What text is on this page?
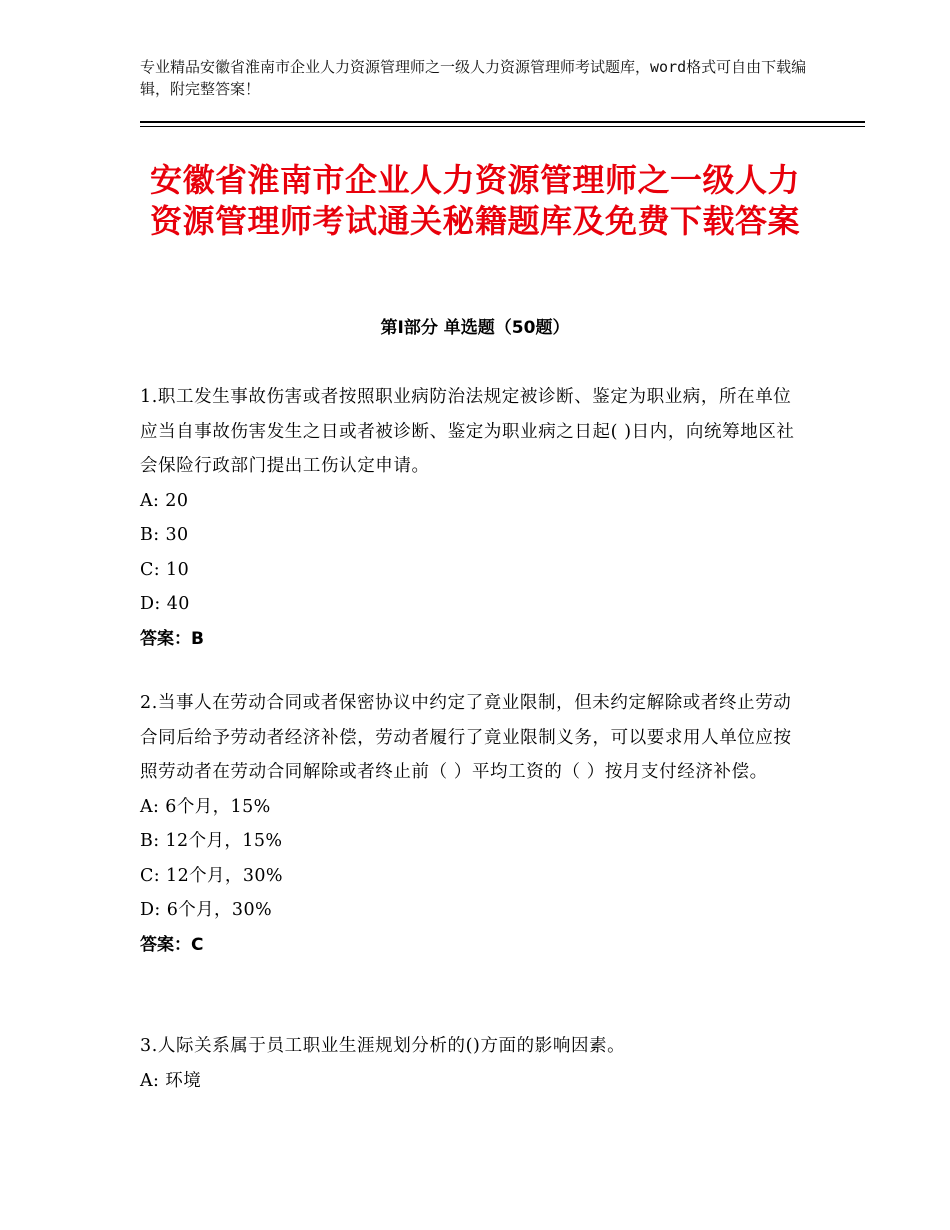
专业精品安徽省淮南市企业人力资源管理师之一级人力资源管理师考试题库，word格式可自由下载编辑，附完整答案！
安徽省淮南市企业人力资源管理师之一级人力资源管理师考试通关秘籍题库及免费下载答案
第Ⅰ部分 单选题（50题）
1.职工发生事故伤害或者按照职业病防治法规定被诊断、鉴定为职业病，所在单位应当自事故伤害发生之日或者被诊断、鉴定为职业病之日起( )日内，向统筹地区社会保险行政部门提出工伤认定申请。
A: 20
B: 30
C: 10
D: 40
答案：B
2.当事人在劳动合同或者保密协议中约定了竟业限制，但未约定解除或者终止劳动合同后给予劳动者经济补偿，劳动者履行了竟业限制义务，可以要求用人单位应按照劳动者在劳动合同解除或者终止前（ ）平均工资的（ ）按月支付经济补偿。
A: 6个月，15%
B: 12个月，15%
C: 12个月，30%
D: 6个月，30%
答案：C
3.人际关系属于员工职业生涯规划分析的()方面的影响因素。
A: 环境
